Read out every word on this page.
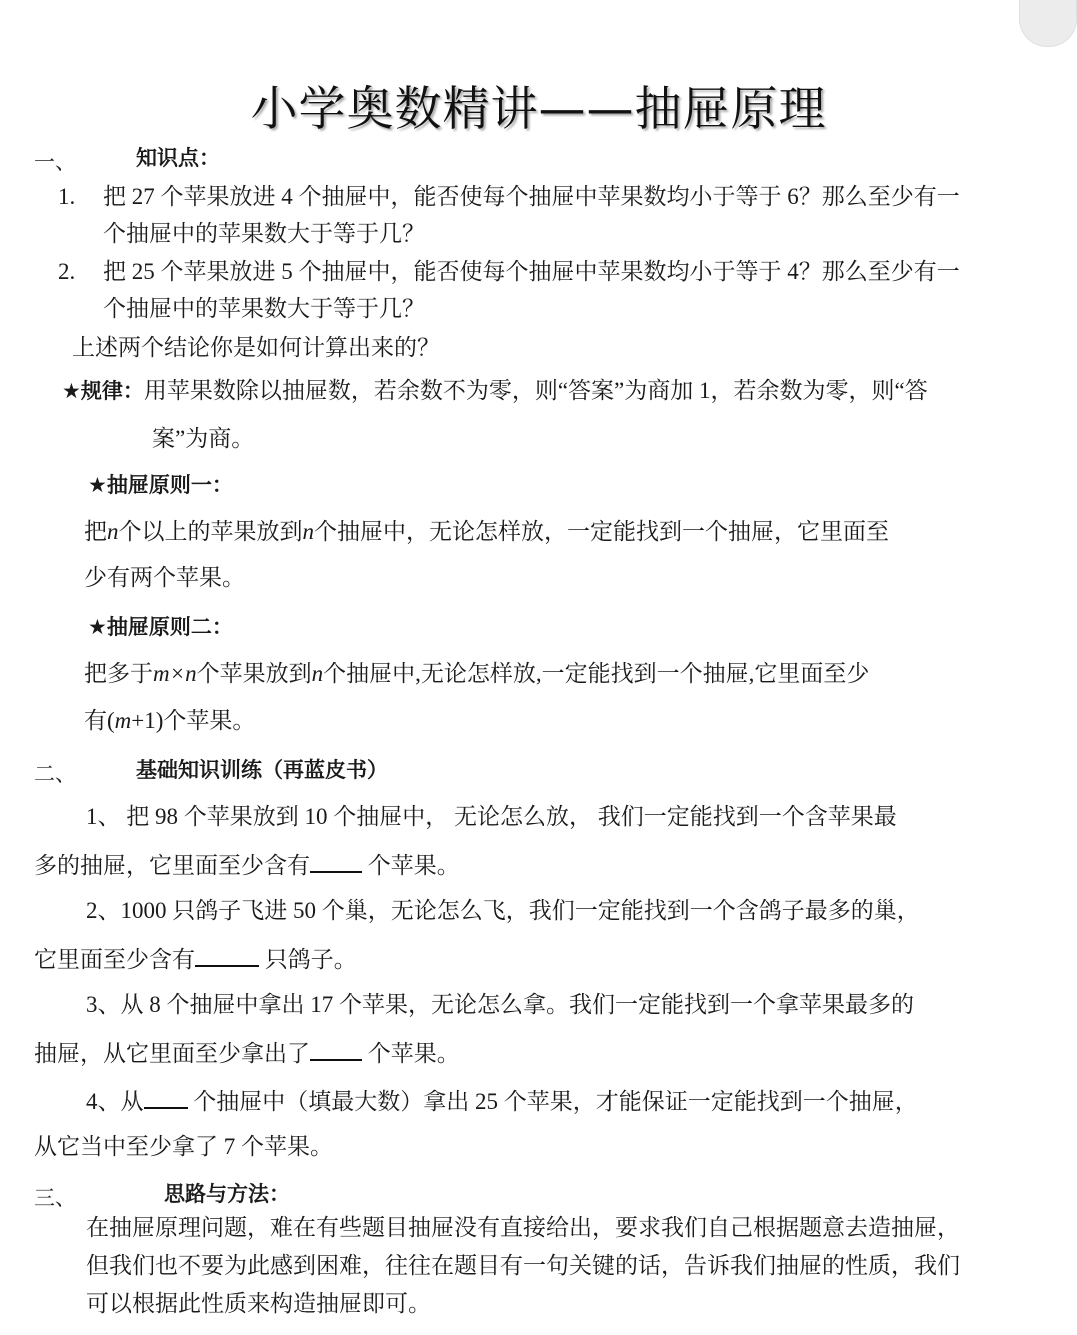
小学奥数精讲——抽屉原理
一、	知识点：
1. 把 27 个苹果放进 4 个抽屉中，能否使每个抽屉中苹果数均小于等于 6？那么至少有一
个抽屉中的苹果数大于等于几？
2. 把 25 个苹果放进 5 个抽屉中，能否使每个抽屉中苹果数均小于等于 4？那么至少有一
个抽屉中的苹果数大于等于几？
上述两个结论你是如何计算出来的？
★规律：用苹果数除以抽屉数，若余数不为零，则“答案”为商加 1，若余数为零，则“答
案”为商。
★抽屉原则一：
把n个以上的苹果放到n个抽屉中，无论怎样放，一定能找到一个抽屉，它里面至
少有两个苹果。
★抽屉原则二：
把多于m×n个苹果放到n个抽屉中,无论怎样放,一定能找到一个抽屉,它里面至少
有(m+1)个苹果。
二、	基础知识训练（再蓝皮书）
1、 把 98 个苹果放到 10 个抽屉中， 无论怎么放， 我们一定能找到一个含苹果最
多的抽屉，它里面至少含有 个苹果。
2、1000 只鸽子飞进 50 个巢，无论怎么飞，我们一定能找到一个含鸽子最多的巢，
它里面至少含有	只鸽子。
3、从 8 个抽屉中拿出 17 个苹果，无论怎么拿。我们一定能找到一个拿苹果最多的
抽屉，从它里面至少拿出了 个苹果。
4、从 个抽屉中（填最大数）拿出 25 个苹果，才能保证一定能找到一个抽屉，
从它当中至少拿了 7 个苹果。
三、	思路与方法：
在抽屉原理问题，难在有些题目抽屉没有直接给出，要求我们自己根据题意去造抽屉，
但我们也不要为此感到困难，往往在题目有一句关键的话，告诉我们抽屉的性质，我们
可以根据此性质来构造抽屉即可。
